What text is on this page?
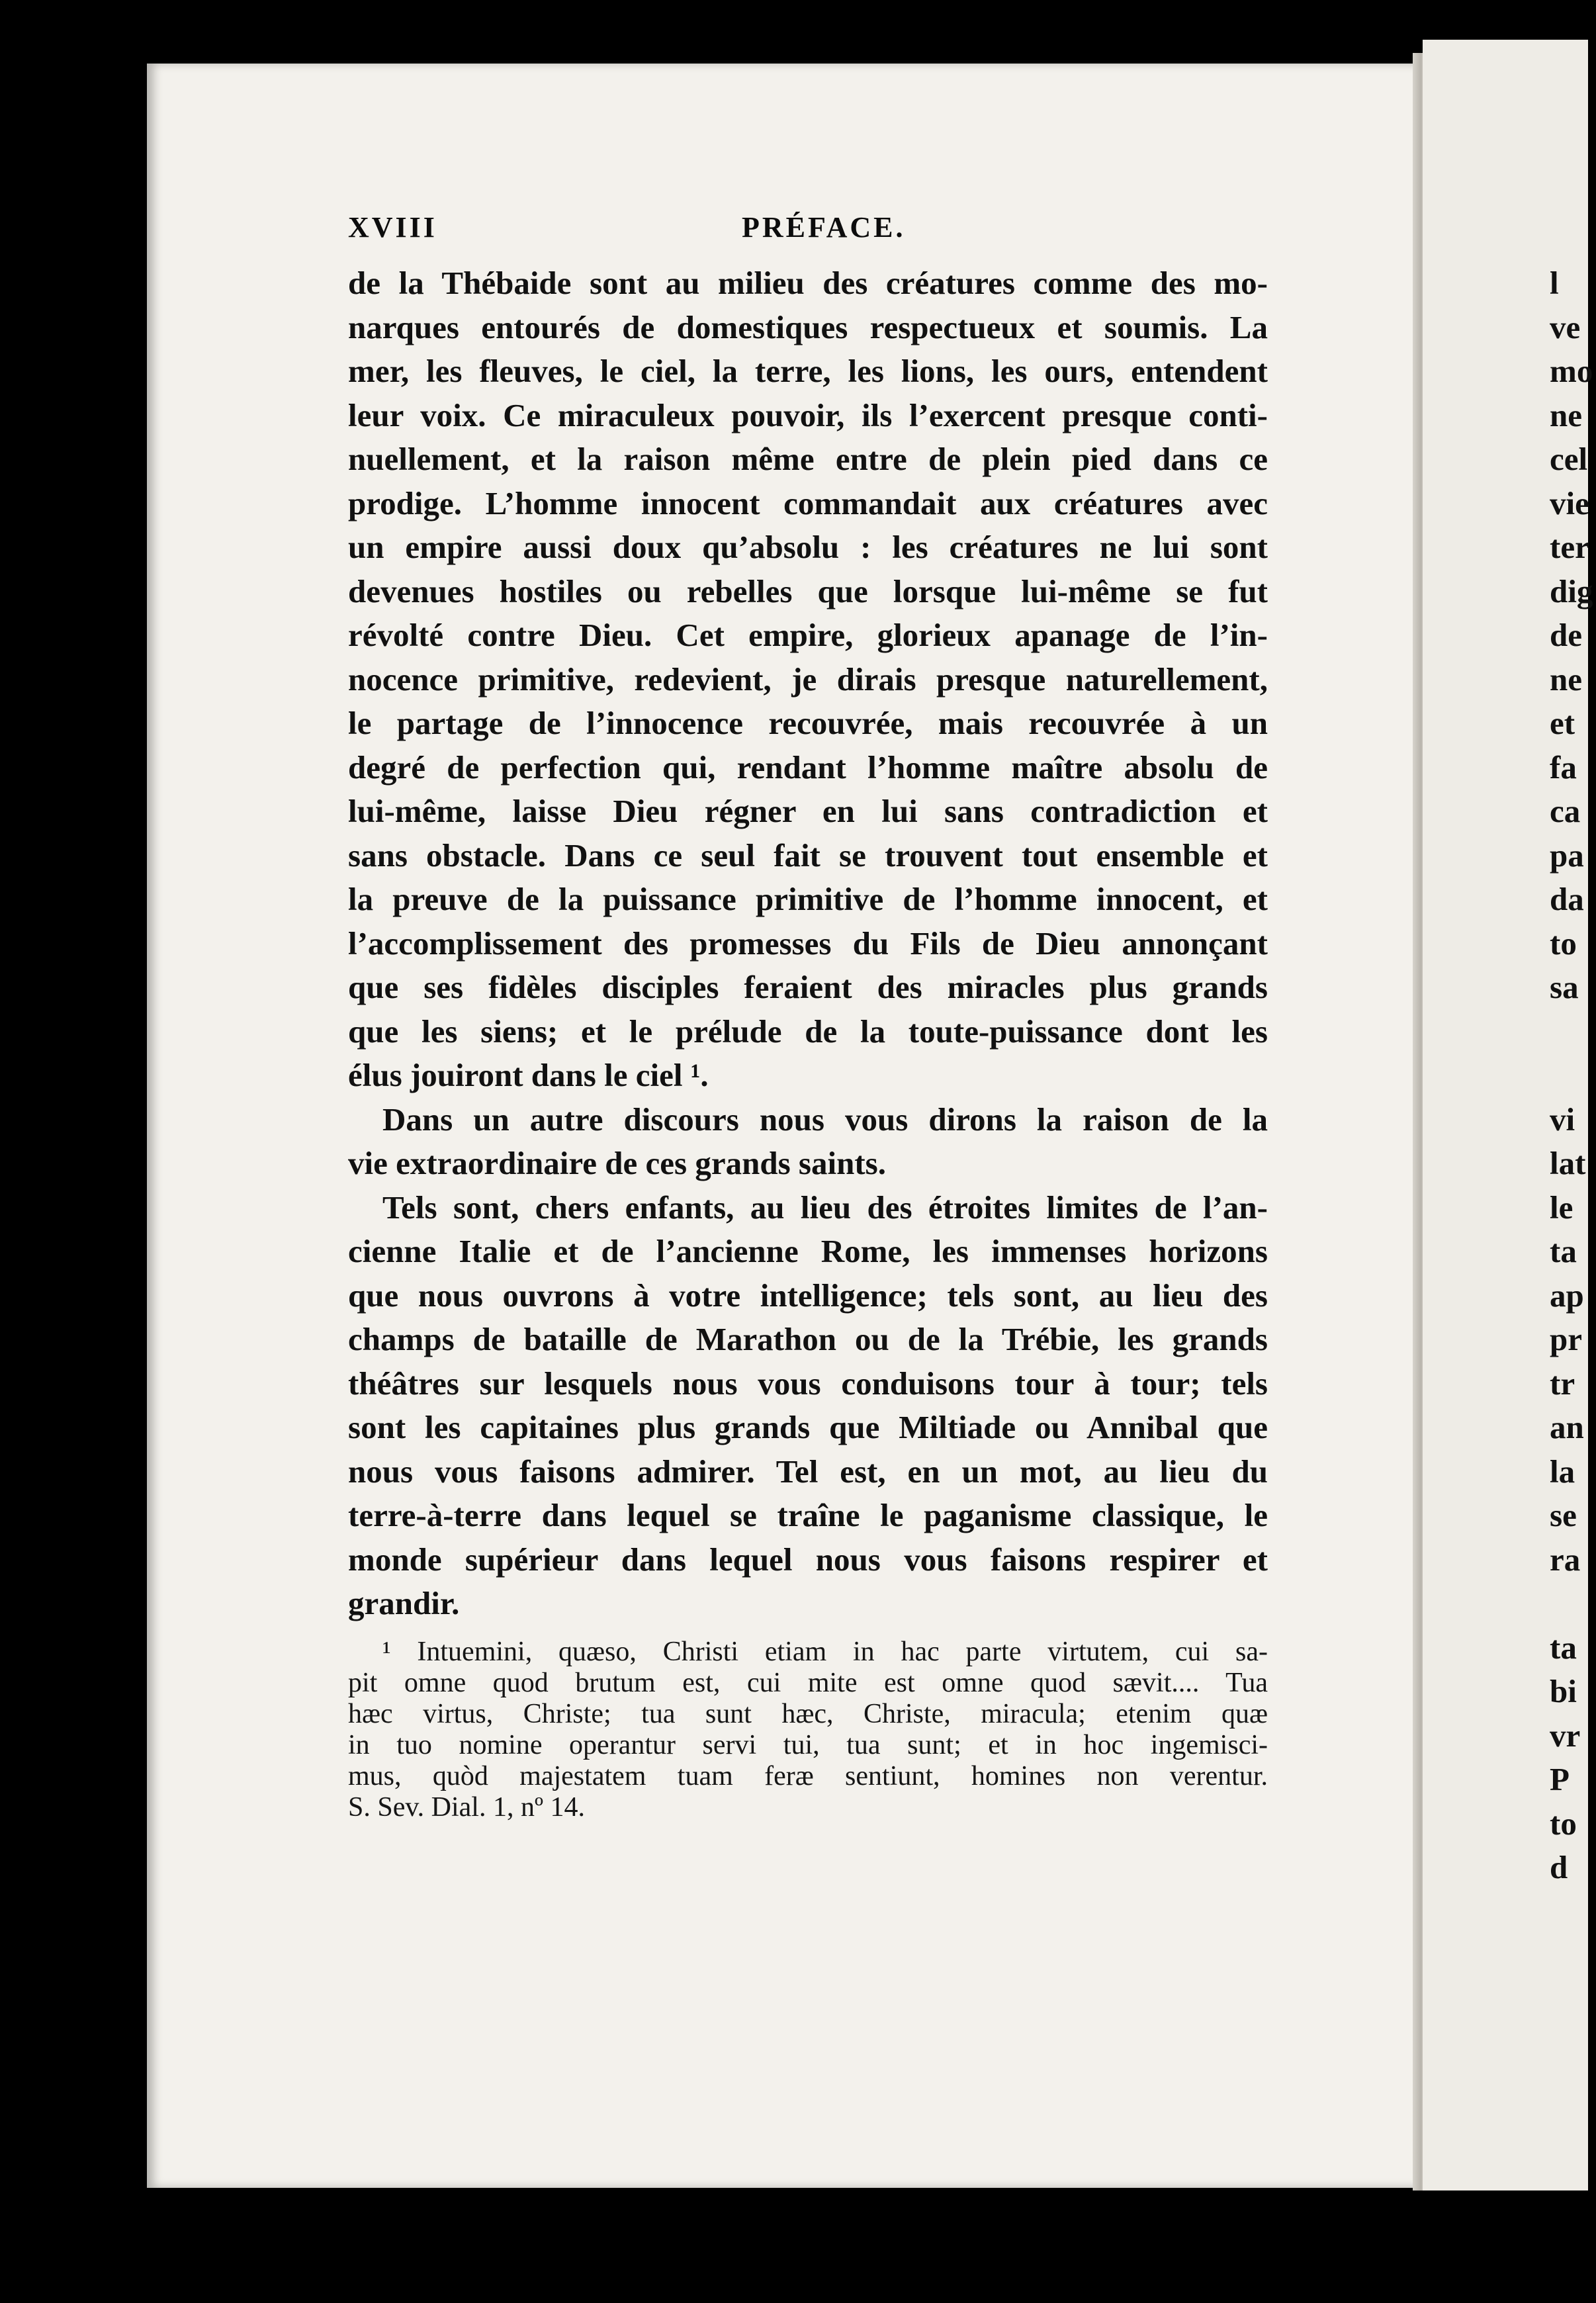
XVIII	PRÉFACE.
de la Thébaide sont au milieu des créatures comme des mo-
narques entourés de domestiques respectueux et soumis. La
mer, les fleuves, le ciel, la terre, les lions, les ours, entendent
leur voix. Ce miraculeux pouvoir, ils l’exercent presque conti-
nuellement, et la raison même entre de plein pied dans ce
prodige. L’homme innocent commandait aux créatures avec
un empire aussi doux qu’absolu : les créatures ne lui sont
devenues hostiles ou rebelles que lorsque lui-même se fut
révolté contre Dieu. Cet empire, glorieux apanage de l’in-
nocence primitive, redevient, je dirais presque naturellement,
le partage de l’innocence recouvrée, mais recouvrée à un
degré de perfection qui, rendant l’homme maître absolu de
lui-même, laisse Dieu régner en lui sans contradiction et
sans obstacle. Dans ce seul fait se trouvent tout ensemble et
la preuve de la puissance primitive de l’homme innocent, et
l’accomplissement des promesses du Fils de Dieu annonçant
que ses fidèles disciples feraient des miracles plus grands
que les siens; et le prélude de la toute-puissance dont les
élus jouiront dans le ciel ¹.
Dans un autre discours nous vous dirons la raison de la
vie extraordinaire de ces grands saints.
Tels sont, chers enfants, au lieu des étroites limites de l’an-
cienne Italie et de l’ancienne Rome, les immenses horizons
que nous ouvrons à votre intelligence; tels sont, au lieu des
champs de bataille de Marathon ou de la Trébie, les grands
théâtres sur lesquels nous vous conduisons tour à tour; tels
sont les capitaines plus grands que Miltiade ou Annibal que
nous vous faisons admirer. Tel est, en un mot, au lieu du
terre-à-terre dans lequel se traîne le paganisme classique, le
monde supérieur dans lequel nous vous faisons respirer et
grandir.
¹ Intuemini, quæso, Christi etiam in hac parte virtutem, cui sa-
pit omne quod brutum est, cui mite est omne quod sævit.... Tua
hæc virtus, Christe; tua sunt hæc, Christe, miracula; etenim quæ
in tuo nomine operantur servi tui, tua sunt; et in hoc ingemisci-
mus, quòd majestatem tuam feræ sentiunt, homines non verentur.
S. Sev. Dial. 1, nº 14.
l
ve
mo
ne
cel
vie
ter
dig
de
ne
et
fa
ca
pa
da
to
sa
vi
lat
le
ta
ap
pr
tr
an
la
se
ra
ta
bi
vr
P
to
d
